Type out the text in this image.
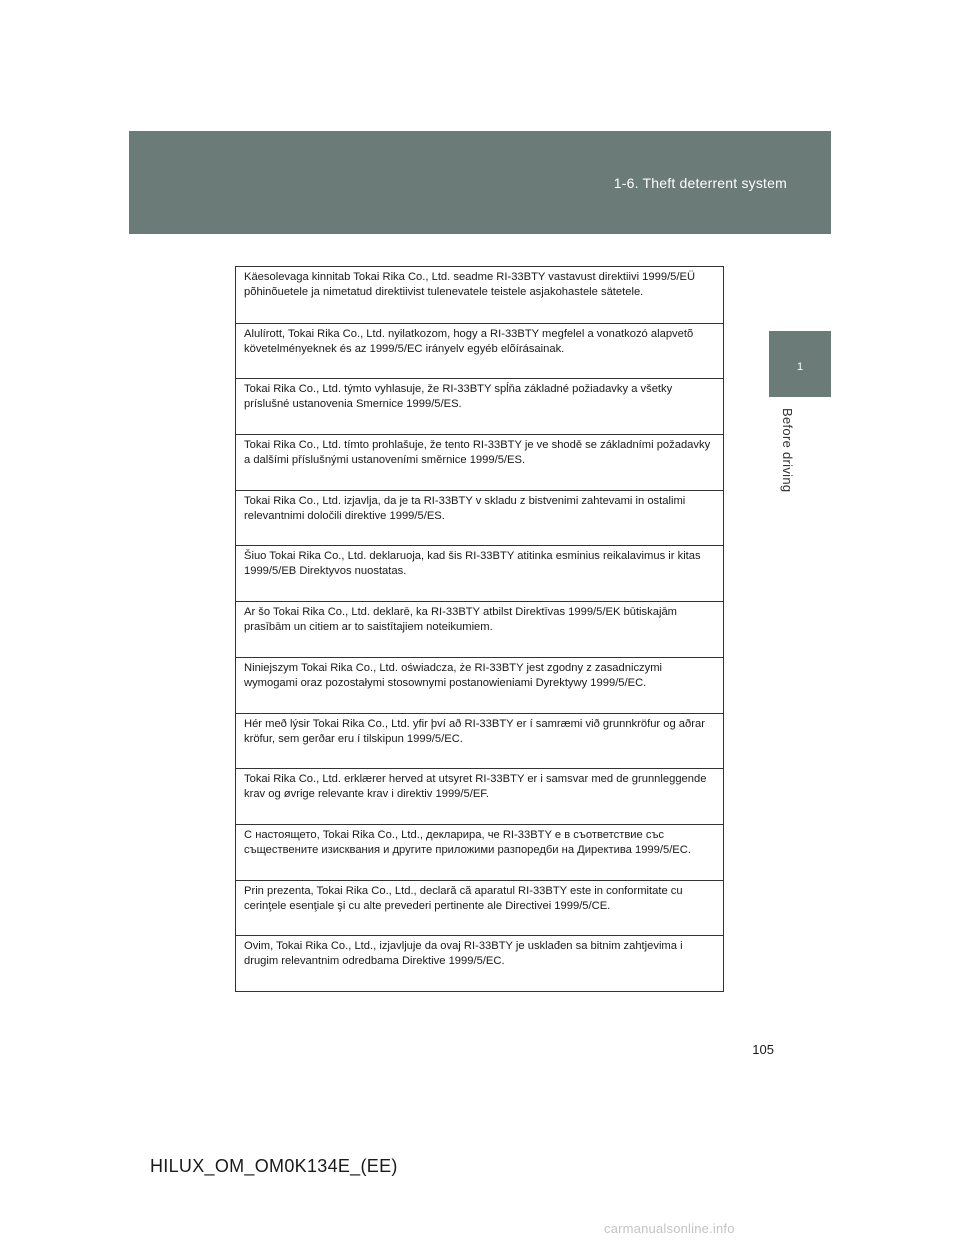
1-6. Theft deterrent system
1
Before driving
Käesolevaga kinnitab Tokai Rika Co., Ltd. seadme RI-33BTY vastavust direktiivi 1999/5/EÜ põhinõuetele ja nimetatud direktiivist tulenevatele teistele asjakohastele sätetele.
Alulírott, Tokai Rika Co., Ltd. nyilatkozom, hogy a RI-33BTY megfelel a vonatkozó alapvetõ követelményeknek és az 1999/5/EC irányelv egyéb elõírásainak.
Tokai Rika Co., Ltd. týmto vyhlasuje, že RI-33BTY spĺňa základné požiadavky a všetky príslušné ustanovenia Smernice 1999/5/ES.
Tokai Rika Co., Ltd. tímto prohlašuje, že tento RI-33BTY je ve shodě se základními požadavky a dalšími příslušnými ustanoveními směrnice 1999/5/ES.
Tokai Rika Co., Ltd. izjavlja, da je ta RI-33BTY v skladu z bistvenimi zahtevami in ostalimi relevantnimi določili direktive 1999/5/ES.
Šiuo Tokai Rika Co., Ltd. deklaruoja, kad šis RI-33BTY atitinka esminius reikalavimus ir kitas 1999/5/EB Direktyvos nuostatas.
Ar šo Tokai Rika Co., Ltd. deklarē, ka RI-33BTY atbilst Direktīvas 1999/5/EK būtiskajām prasībām un citiem ar to saistītajiem noteikumiem.
Niniejszym Tokai Rika Co., Ltd. oświadcza, że RI-33BTY jest zgodny z zasadniczymi wymogami oraz pozostałymi stosownymi postanowieniami Dyrektywy 1999/5/EC.
Hér með lýsir Tokai Rika Co., Ltd. yfir því að RI-33BTY er í samræmi við grunnkröfur og aðrar kröfur, sem gerðar eru í tilskipun 1999/5/EC.
Tokai Rika Co., Ltd. erklærer herved at utsyret RI-33BTY er i samsvar med de grunnleggende krav og øvrige relevante krav i direktiv 1999/5/EF.
С настоящето, Tokai Rika Co., Ltd., декларира, че RI-33BTY е в съответствие със съществените изисквания и другите приложими разпоредби на Директива 1999/5/EC.
Prin prezenta, Tokai Rika Co., Ltd., declară că aparatul RI-33BTY este in conformitate cu cerinţele esenţiale şi cu alte prevederi pertinente ale Directivei 1999/5/CE.
Ovim, Tokai Rika Co., Ltd., izjavljuje da ovaj RI-33BTY je usklađen sa bitnim zahtjevima i drugim relevantnim odredbama Direktive 1999/5/EC.
105
HILUX_OM_OM0K134E_(EE)
carmanualsonline.info
